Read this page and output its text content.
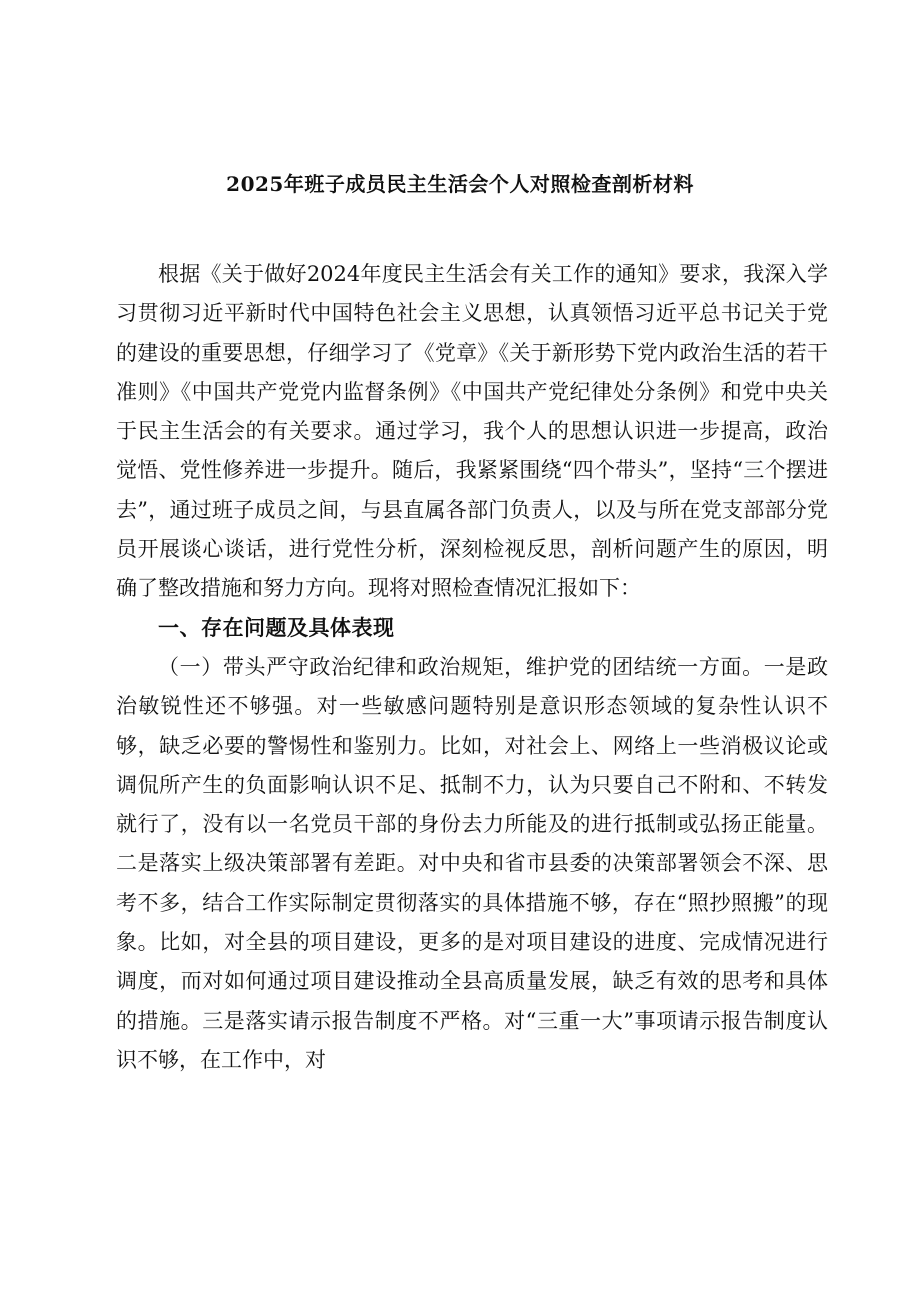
2025年班子成员民主生活会个人对照检查剖析材料

根据《关于做好2024年度民主生活会有关工作的通知》要求，我深入学习贯彻习近平新时代中国特色社会主义思想，认真领悟习近平总书记关于党的建设的重要思想，仔细学习了《党章》《关于新形势下党内政治生活的若干准则》《中国共产党党内监督条例》《中国共产党纪律处分条例》和党中央关于民主生活会的有关要求。通过学习，我个人的思想认识进一步提高，政治觉悟、党性修养进一步提升。随后，我紧紧围绕“四个带头”，坚持“三个摆进去”，通过班子成员之间，与县直属各部门负责人，以及与所在党支部部分党员开展谈心谈话，进行党性分析，深刻检视反思，剖析问题产生的原因，明确了整改措施和努力方向。现将对照检查情况汇报如下：

一、存在问题及具体表现

（一）带头严守政治纪律和政治规矩，维护党的团结统一方面。一是政治敏锐性还不够强。对一些敏感问题特别是意识形态领域的复杂性认识不够，缺乏必要的警惕性和鉴别力。比如，对社会上、网络上一些消极议论或调侃所产生的负面影响认识不足、抵制不力，认为只要自己不附和、不转发就行了，没有以一名党员干部的身份去力所能及的进行抵制或弘扬正能量。二是落实上级决策部署有差距。对中央和省市县委的决策部署领会不深、思考不多，结合工作实际制定贯彻落实的具体措施不够，存在“照抄照搬”的现象。比如，对全县的项目建设，更多的是对项目建设的进度、完成情况进行调度，而对如何通过项目建设推动全县高质量发展，缺乏有效的思考和具体的措施。三是落实请示报告制度不严格。对“三重一大”事项请示报告制度认识不够，在工作中，对
